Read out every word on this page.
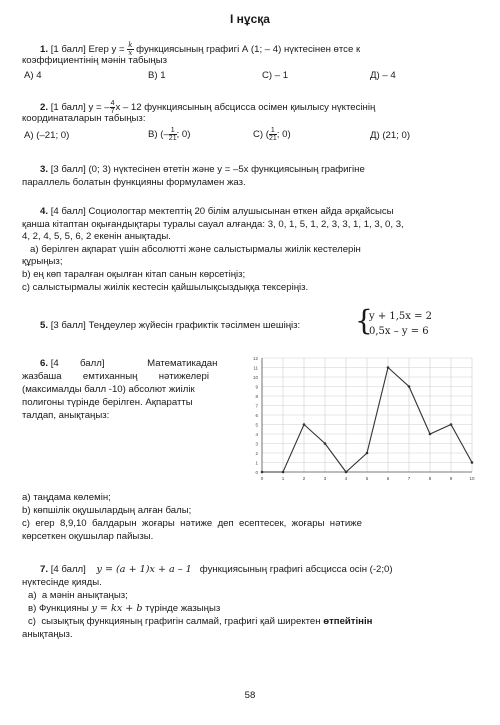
I нұсқа
1. [1 балл] Егер $y = \frac{k}{x}$ функциясының графигі А (1; – 4) нүктесінен өтсе к
коэффициентінің мәнін табыңыз
А) 4	B) 1	C) – 1	Д) – 4
2. [1 балл] y = – $\frac{4}{7}$ x – 12 функциясының абсциссa осімен қиылысу нүктесінің
координаталарын табыңыз:
А) (–21; 0)	B) (– $\frac{1}{21}$ ; 0)	C) ( $\frac{1}{21}$ ; 0)	Д) (21; 0)
3. [3 балл] (0; 3) нүктесінен өтетін және y = –5x функциясының графигіне
параллель болатын функцияны формуламен жаз.
4. [4 балл] Социологтар мектептің 20 білім алушысынан өткен айда әрқайсысы
қанша кітаптан оқығандықтары туралы сауал алғанда: 3, 0, 1, 5, 1, 2, 3, 3, 1, 1, 3, 0, 3,
4, 2, 4, 5, 5, 6, 2 екенін анықтады.
a) берілген ақпарат үшін абсолютті және салыстырмалы жиілік кестелерін
құрыңыз;
b) ең көп таралған оқылған кітап санын көрсетіңіз;
c) салыстырмалы жиілік кестесін қайшылықсыздыққа тексеріңіз.
5. [3 балл] Теңдеулер жүйесін графиктік тәсілмен шешіңіз: {
y + 1,5x = 2
0,5x – y = 6
6. [4        балл]                Математикадан
жазбаша        емтиханның        нәтижелері
(максималды балл -10) абсолют жиілік
полигоны түрінде берілген. Ақпаратты
талдап, анықтаңыз:
0
1
2
3
4
5
6
7
8
9
10
11
12
0	1	2	3	4	5	6	7	8	9	10
а) таңдама көлемін;
b) көпшілік оқушылардың алған балы;
c)  егер  8,9,10  балдарын  жоғары  нәтиже  деп  есептесек,  жоғары  нәтиже
көрсеткен оқушылар пайызы.
7. [4 балл]    y = (a + 1)x + a – 1   функциясының графигі абсцисса осін (-2;0)
нүктесінде қияды.
а)  a мәнін анықтаңыз;
в) Функцияны y = kx + b түрінде жазыңыз
c)  сызықтық функцияның графигін салмай, графигі қай ширектен өтпейтінін
анықтаңыз.
58
